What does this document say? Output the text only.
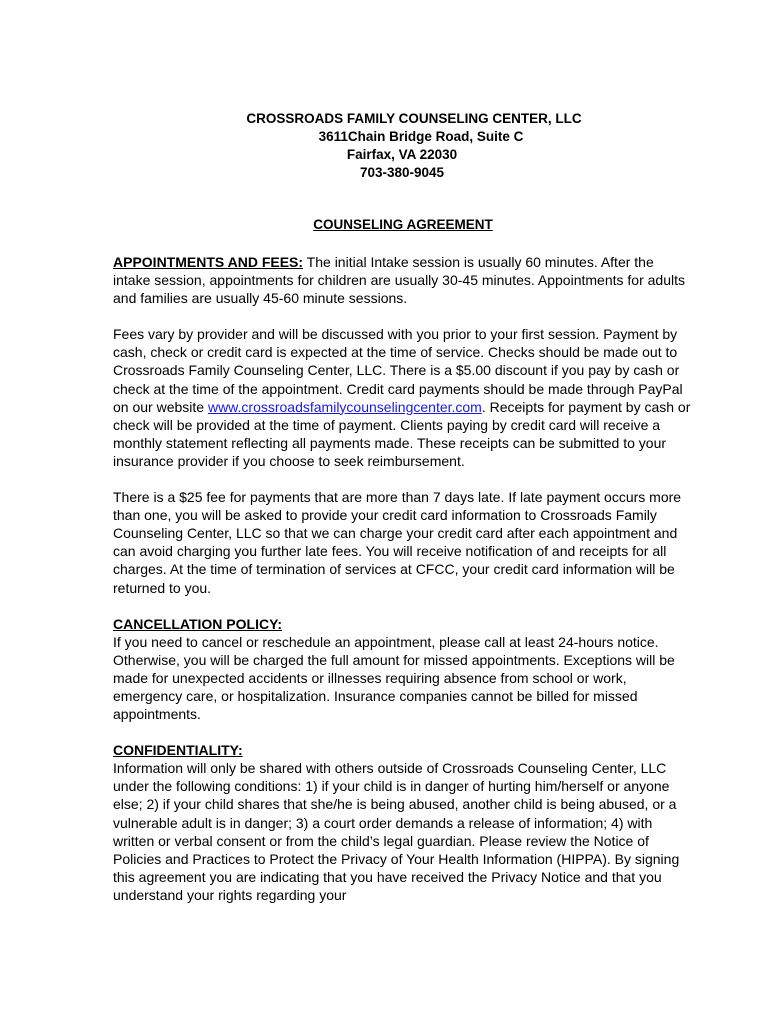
CROSSROADS FAMILY COUNSELING CENTER, LLC
3611Chain Bridge Road, Suite C
Fairfax, VA 22030
703-380-9045
COUNSELING AGREEMENT

APPOINTMENTS AND FEES: The initial Intake session is usually 60 minutes. After the intake session, appointments for children are usually 30-45 minutes. Appointments for adults and families are usually 45-60 minute sessions.

Fees vary by provider and will be discussed with you prior to your first session. Payment by cash, check or credit card is expected at the time of service. Checks should be made out to Crossroads Family Counseling Center, LLC. There is a $5.00 discount if you pay by cash or check at the time of the appointment. Credit card payments should be made through PayPal on our website www.crossroadsfamilycounselingcenter.com. Receipts for payment by cash or check will be provided at the time of payment. Clients paying by credit card will receive a monthly statement reflecting all payments made. These receipts can be submitted to your insurance provider if you choose to seek reimbursement.

There is a $25 fee for payments that are more than 7 days late. If late payment occurs more than one, you will be asked to provide your credit card information to Crossroads Family Counseling Center, LLC so that we can charge your credit card after each appointment and can avoid charging you further late fees. You will receive notification of and receipts for all charges. At the time of termination of services at CFCC, your credit card information will be returned to you.

CANCELLATION POLICY:
If you need to cancel or reschedule an appointment, please call at least 24-hours notice. Otherwise, you will be charged the full amount for missed appointments. Exceptions will be made for unexpected accidents or illnesses requiring absence from school or work, emergency care, or hospitalization. Insurance companies cannot be billed for missed appointments.

CONFIDENTIALITY:
Information will only be shared with others outside of Crossroads Counseling Center, LLC under the following conditions: 1) if your child is in danger of hurting him/herself or anyone else; 2) if your child shares that she/he is being abused, another child is being abused, or a vulnerable adult is in danger; 3) a court order demands a release of information; 4) with written or verbal consent or from the child’s legal guardian. Please review the Notice of Policies and Practices to Protect the Privacy of Your Health Information (HIPPA). By signing this agreement you are indicating that you have received the Privacy Notice and that you understand your rights regarding your
